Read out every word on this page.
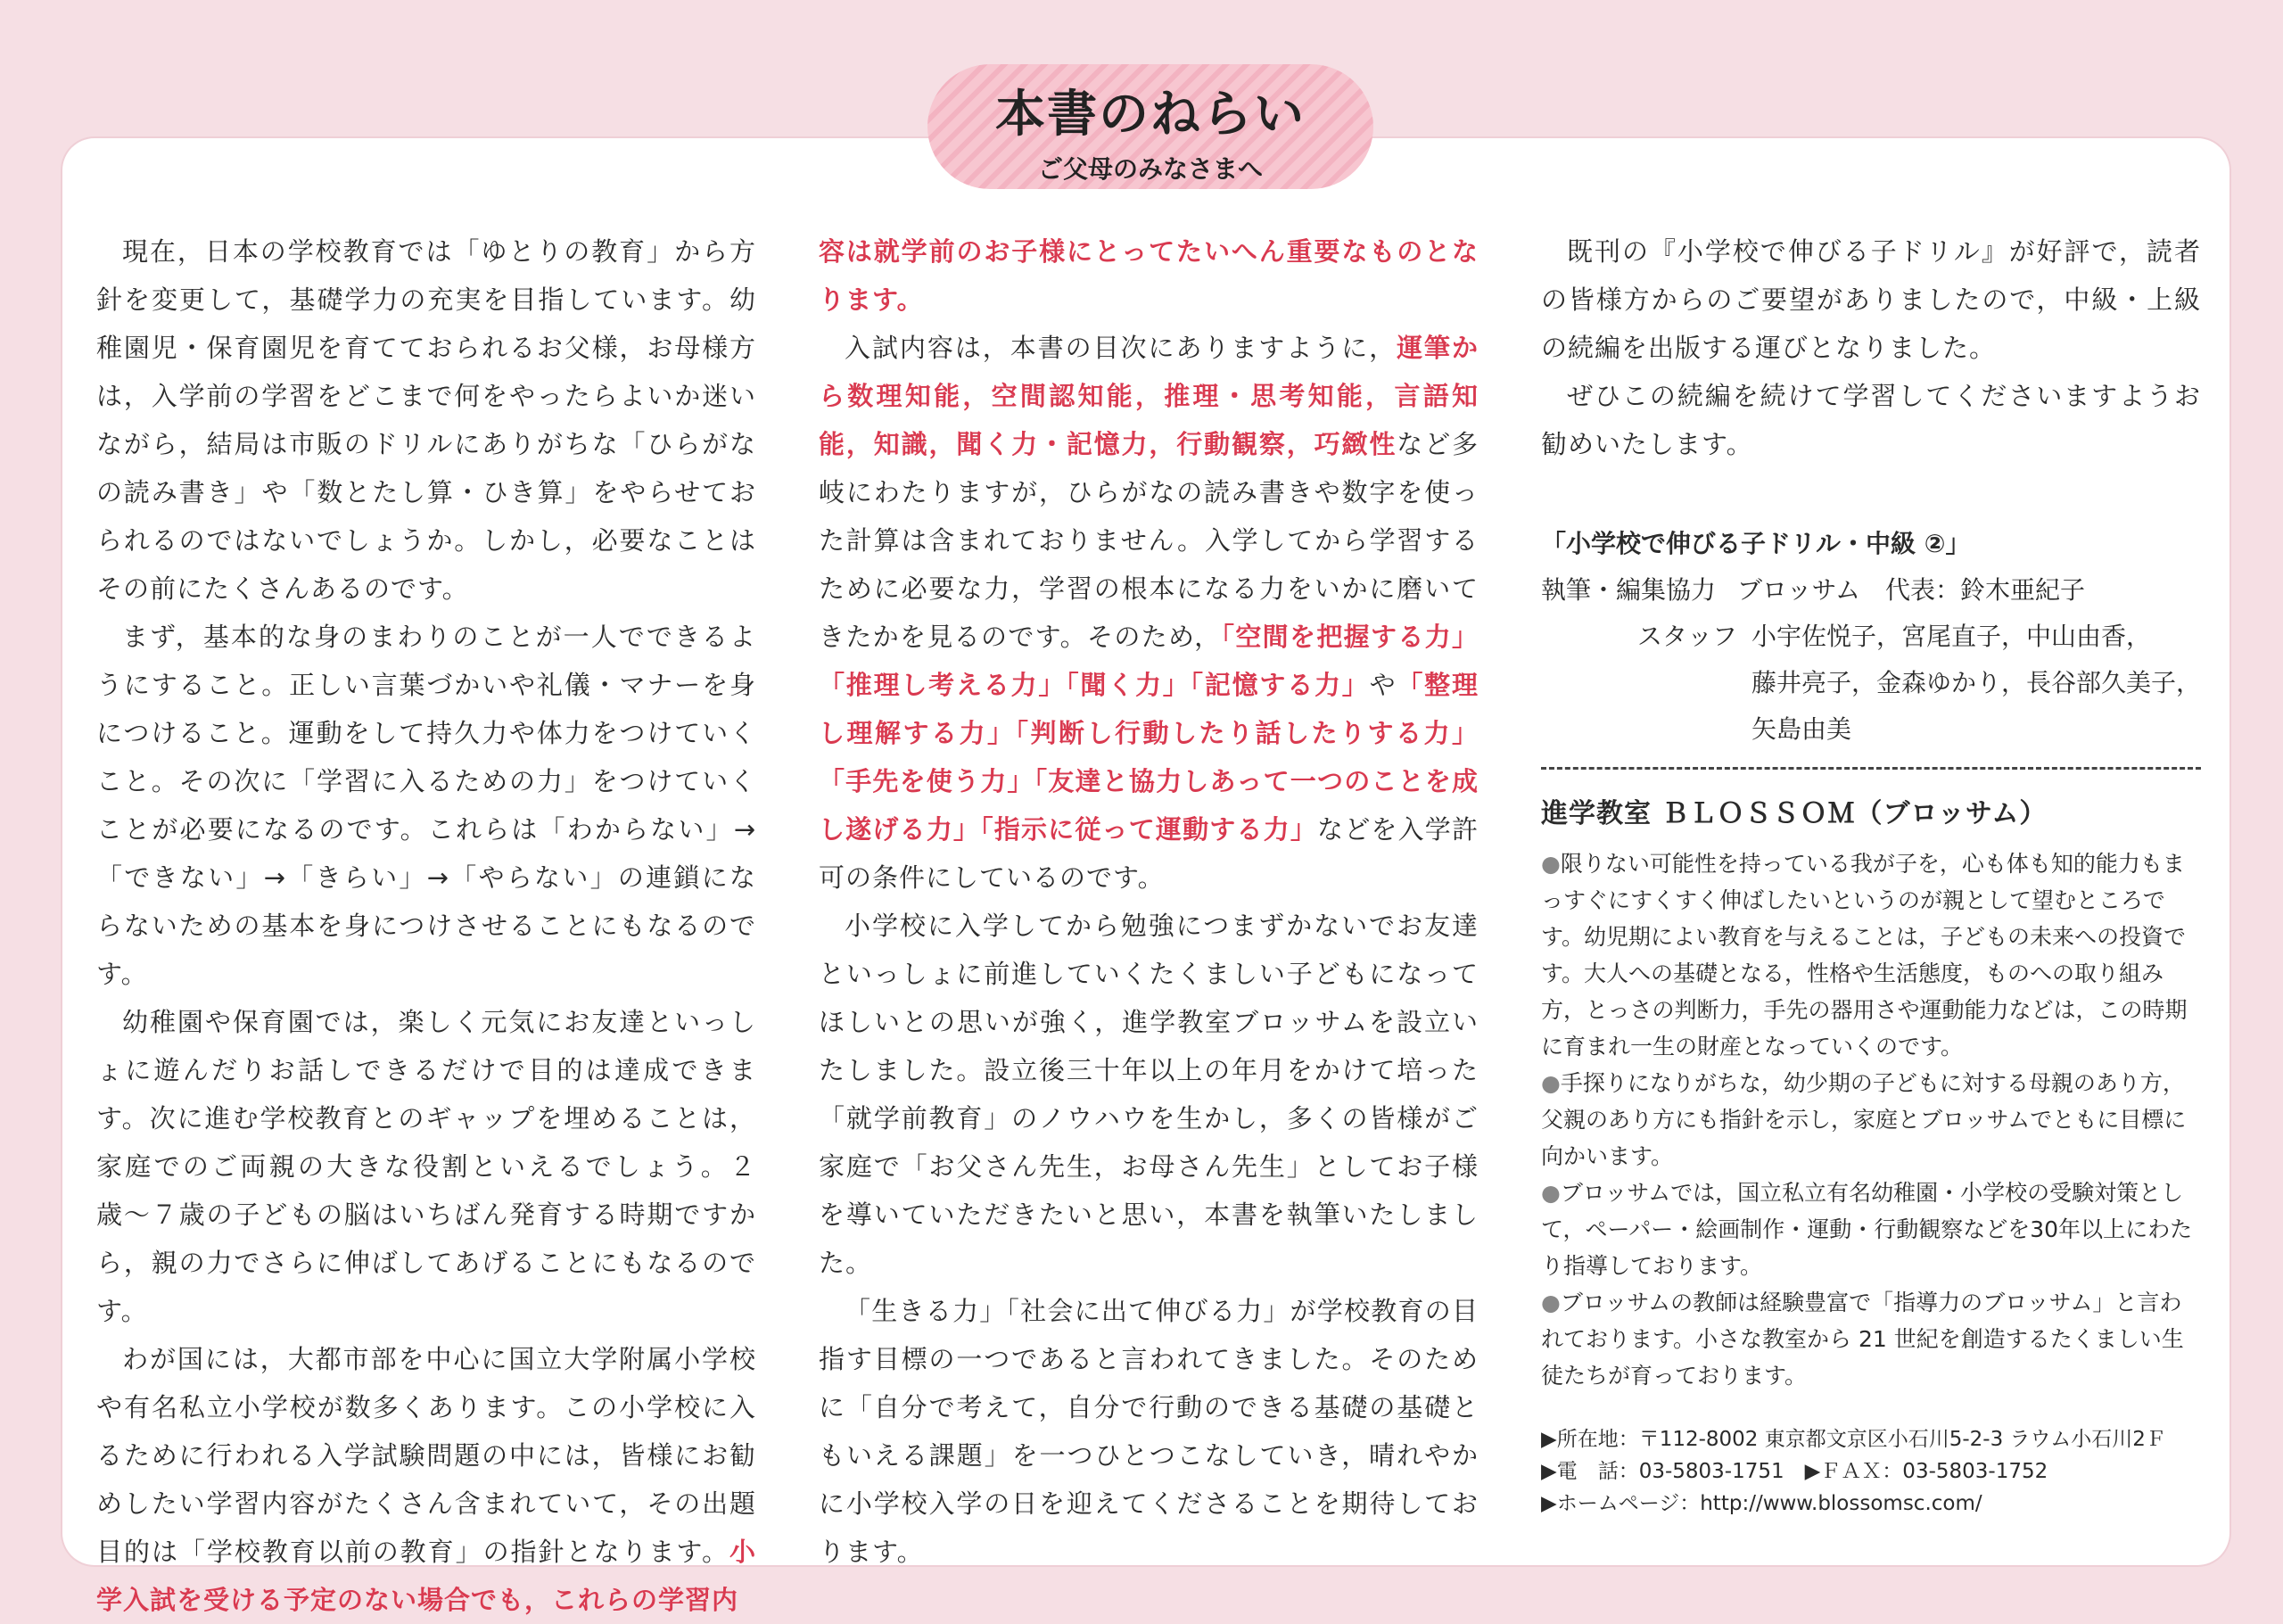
本書のねらい
ご父母のみなさまへ

現在，日本の学校教育では「ゆとりの教育」から方針を変更して，基礎学力の充実を目指しています。幼稚園児・保育園児を育てておられるお父様，お母様方は，入学前の学習をどこまで何をやったらよいか迷いながら，結局は市販のドリルにありがちな「ひらがなの読み書き」や「数とたし算・ひき算」をやらせておられるのではないでしょうか。しかし，必要なことはその前にたくさんあるのです。

まず，基本的な身のまわりのことが一人でできるようにすること。正しい言葉づかいや礼儀・マナーを身につけること。運動をして持久力や体力をつけていくこと。その次に「学習に入るための力」をつけていくことが必要になるのです。これらは「わからない」→「できない」→「きらい」→「やらない」の連鎖にならないための基本を身につけさせることにもなるのです。

幼稚園や保育園では，楽しく元気にお友達といっしょに遊んだりお話しできるだけで目的は達成できます。次に進む学校教育とのギャップを埋めることは，家庭でのご両親の大きな役割といえるでしょう。２歳〜７歳の子どもの脳はいちばん発育する時期ですから，親の力でさらに伸ばしてあげることにもなるのです。

わが国には，大都市部を中心に国立大学附属小学校や有名私立小学校が数多くあります。この小学校に入るために行われる入学試験問題の中には，皆様にお勧めしたい学習内容がたくさん含まれていて，その出題目的は「学校教育以前の教育」の指針となります。小学入試を受ける予定のない場合でも，これらの学習内

容は就学前のお子様にとってたいへん重要なものとなります。

入試内容は，本書の目次にありますように，運筆から数理知能，空間認知能，推理・思考知能，言語知能，知識，聞く力・記憶力，行動観察，巧緻性など多岐にわたりますが，ひらがなの読み書きや数字を使った計算は含まれておりません。入学してから学習するために必要な力，学習の根本になる力をいかに磨いてきたかを見るのです。そのため，「空間を把握する力」「推理し考える力」「聞く力」「記憶する力」や「整理し理解する力」「判断し行動したり話したりする力」「手先を使う力」「友達と協力しあって一つのことを成し遂げる力」「指示に従って運動する力」などを入学許可の条件にしているのです。

小学校に入学してから勉強につまずかないでお友達といっしょに前進していくたくましい子どもになってほしいとの思いが強く，進学教室ブロッサムを設立いたしました。設立後三十年以上の年月をかけて培った「就学前教育」のノウハウを生かし，多くの皆様がご家庭で「お父さん先生，お母さん先生」としてお子様を導いていただきたいと思い，本書を執筆いたしました。

「生きる力」「社会に出て伸びる力」が学校教育の目指す目標の一つであると言われてきました。そのために「自分で考えて，自分で行動のできる基礎の基礎ともいえる課題」を一つひとつこなしていき，晴れやかに小学校入学の日を迎えてくださることを期待しております。

既刊の『小学校で伸びる子ドリル』が好評で，読者の皆様方からのご要望がありましたので，中級・上級の続編を出版する運びとなりました。

ぜひこの続編を続けて学習してくださいますようお勧めいたします。

「小学校で伸びる子ドリル・中級 ②」
執筆・編集協力 ブロッサム　代表：鈴木亜紀子
スタッフ 小宇佐悦子，宮尾直子，中山由香，
藤井亮子，金森ゆかり，長谷部久美子，
矢島由美
進学教室 ＢＬＯＳＳＯＭ（ブロッサム）

●限りない可能性を持っている我が子を，心も体も知的能力もまっすぐにすくすく伸ばしたいというのが親として望むところです。幼児期によい教育を与えることは，子どもの未来への投資です。大人への基礎となる，性格や生活態度，ものへの取り組み方，とっさの判断力，手先の器用さや運動能力などは，この時期に育まれ一生の財産となっていくのです。

●手探りになりがちな，幼少期の子どもに対する母親のあり方，父親のあり方にも指針を示し，家庭とブロッサムでともに目標に向かいます。

●ブロッサムでは，国立私立有名幼稚園・小学校の受験対策として，ペーパー・絵画制作・運動・行動観察などを30年以上にわたり指導しております。

●ブロッサムの教師は経験豊富で「指導力のブロッサム」と言われております。小さな教室から 21 世紀を創造するたくましい生徒たちが育っております。

▶所在地：〒112-8002 東京都文京区小石川5-2-3 ラウム小石川2Ｆ

▶電　話：03-5803-1751　▶ＦＡＸ：03-5803-1752

▶ホームページ：http://www.blossomsc.com/
